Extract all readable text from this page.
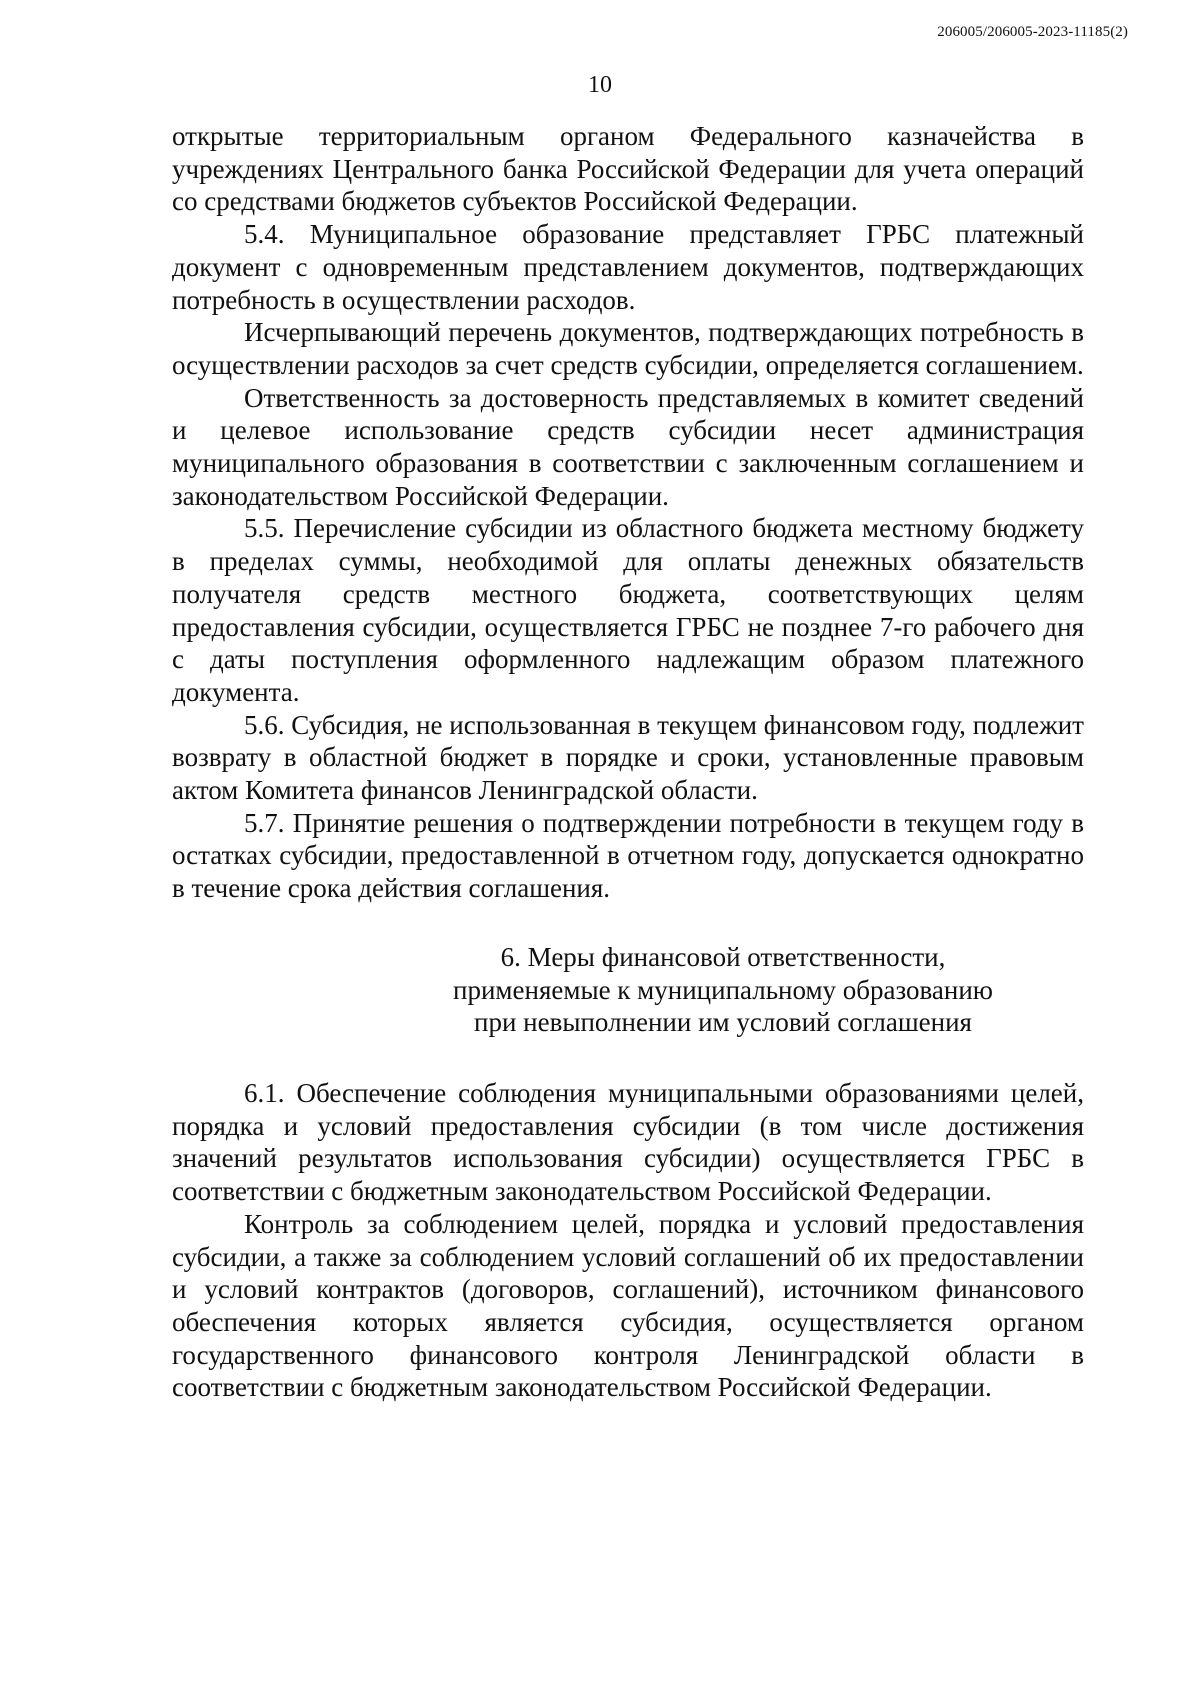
206005/206005-2023-11185(2)
10

открытые территориальным органом Федерального казначейства в учреждениях Центрального банка Российской Федерации для учета операций со средствами бюджетов субъектов Российской Федерации.

5.4. Муниципальное образование представляет ГРБС платежный документ с одновременным представлением документов, подтверждающих потребность в осуществлении расходов.

Исчерпывающий перечень документов, подтверждающих потребность в осуществлении расходов за счет средств субсидии, определяется соглашением.

Ответственность за достоверность представляемых в комитет сведений и целевое использование средств субсидии несет администрация муниципального образования в соответствии с заключенным соглашением и законодательством Российской Федерации.

5.5. Перечисление субсидии из областного бюджета местному бюджету в пределах суммы, необходимой для оплаты денежных обязательств получателя средств местного бюджета, соответствующих целям предоставления субсидии, осуществляется ГРБС не позднее 7-го рабочего дня с даты поступления оформленного надлежащим образом платежного документа.

5.6. Субсидия, не использованная в текущем финансовом году, подлежит возврату в областной бюджет в порядке и сроки, установленные правовым актом Комитета финансов Ленинградской области.

5.7. Принятие решения о подтверждении потребности в текущем году в остатках субсидии, предоставленной в отчетном году, допускается однократно в течение срока действия соглашения.

6. Меры финансовой ответственности,
применяемые к муниципальному образованию
при невыполнении им условий соглашения

6.1. Обеспечение соблюдения муниципальными образованиями целей, порядка и условий предоставления субсидии (в том числе достижения значений результатов использования субсидии) осуществляется ГРБС в соответствии с бюджетным законодательством Российской Федерации.

Контроль за соблюдением целей, порядка и условий предоставления субсидии, а также за соблюдением условий соглашений об их предоставлении и условий контрактов (договоров, соглашений), источником финансового обеспечения которых является субсидия, осуществляется органом государственного финансового контроля Ленинградской области в соответствии с бюджетным законодательством Российской Федерации.
